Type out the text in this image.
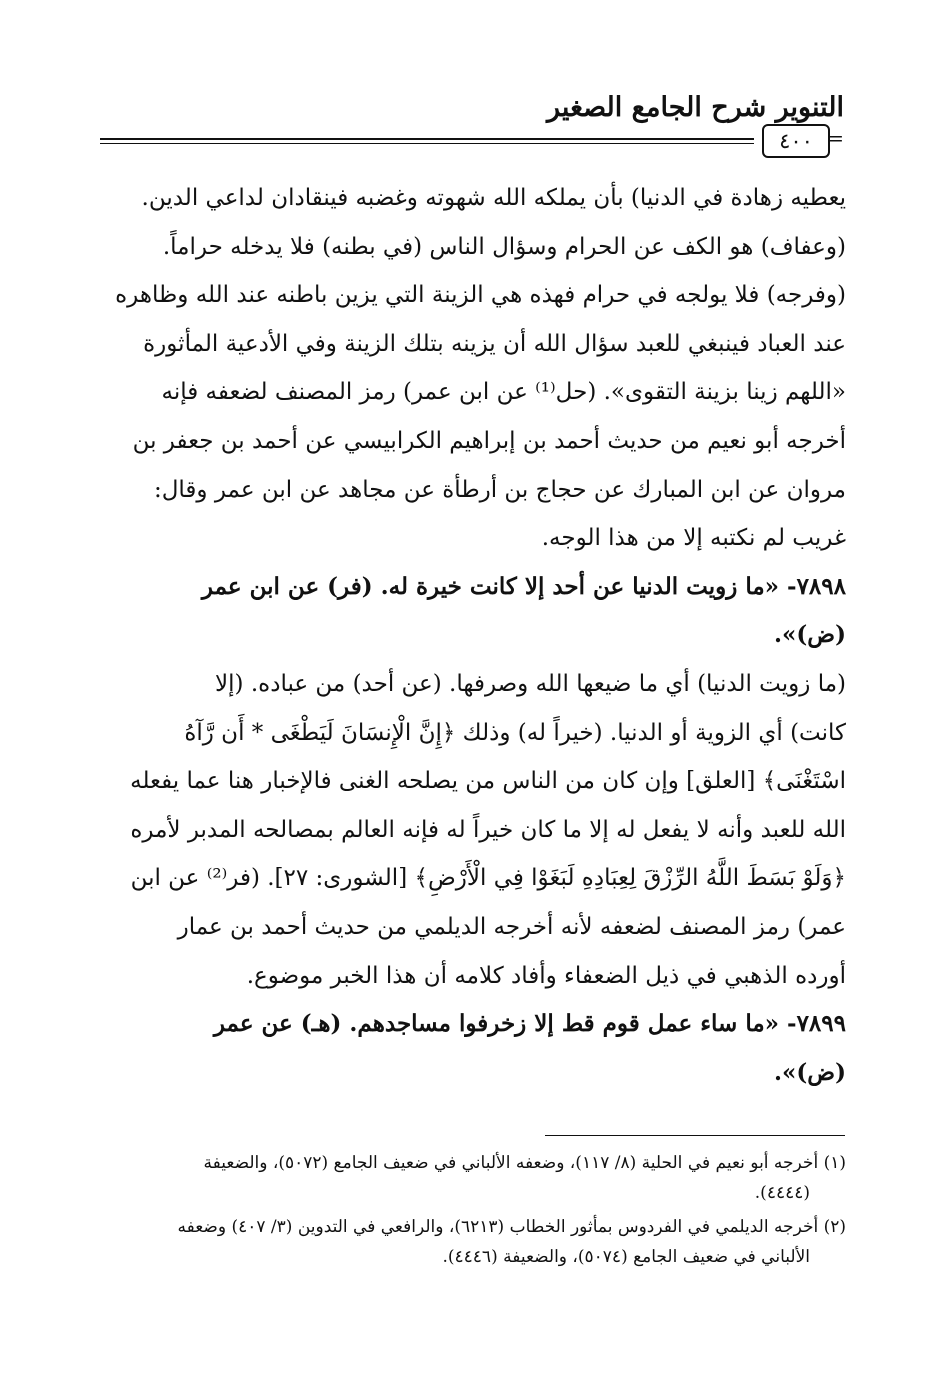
التنوير شرح الجامع الصغير
٤٠٠ =
يعطيه زهادة في الدنيا) بأن يملكه الله شهوته وغضبه فينقادان لداعي الدين.
(وعفاف) هو الكف عن الحرام وسؤال الناس (في بطنه) فلا يدخله حراماً.
(وفرجه) فلا يولجه في حرام فهذه هي الزينة التي يزين باطنه عند الله وظاهره
عند العباد فينبغي للعبد سؤال الله أن يزينه بتلك الزينة وفي الأدعية المأثورة
«اللهم زينا بزينة التقوى». (حل⁽¹⁾ عن ابن عمر) رمز المصنف لضعفه فإنه
أخرجه أبو نعيم من حديث أحمد بن إبراهيم الكرابيسي عن أحمد بن جعفر بن
مروان عن ابن المبارك عن حجاج بن أرطأة عن مجاهد عن ابن عمر وقال:
غريب لم نكتبه إلا من هذا الوجه.
٧٨٩٨- «ما زويت الدنيا عن أحد إلا كانت خيرة له. (فر) عن ابن عمر
(ض)».
(ما زويت الدنيا) أي ما ضيعها الله وصرفها. (عن أحد) من عباده. (إلا
كانت) أي الزوية أو الدنيا. (خيراً له) وذلك ﴿إِنَّ الْإِنسَانَ لَيَطْغَى * أَن رَّآهُ
اسْتَغْنَى﴾ [العلق] وإن كان من الناس من يصلحه الغنى فالإخبار هنا عما يفعله
الله للعبد وأنه لا يفعل له إلا ما كان خيراً له فإنه العالم بمصالحه المدبر لأمره
﴿وَلَوْ بَسَطَ اللَّهُ الرِّزْقَ لِعِبَادِهِ لَبَغَوْا فِي الْأَرْضِ﴾ [الشورى: ٢٧]. (فر⁽²⁾ عن ابن
عمر) رمز المصنف لضعفه لأنه أخرجه الديلمي من حديث أحمد بن عمار
أورده الذهبي في ذيل الضعفاء وأفاد كلامه أن هذا الخبر موضوع.
٧٨٩٩- «ما ساء عمل قوم قط إلا زخرفوا مساجدهم. (هـ) عن عمر
(ض)».

(١) أخرجه أبو نعيم في الحلية (٨/ ١١٧)، وضعفه الألباني في ضعيف الجامع (٥٠٧٢)، والضعيفة
(٤٤٤٤).

(٢) أخرجه الديلمي في الفردوس بمأثور الخطاب (٦٢١٣)، والرافعي في التدوين (٣/ ٤٠٧) وضعفه
الألباني في ضعيف الجامع (٥٠٧٤)، والضعيفة (٤٤٤٦).
